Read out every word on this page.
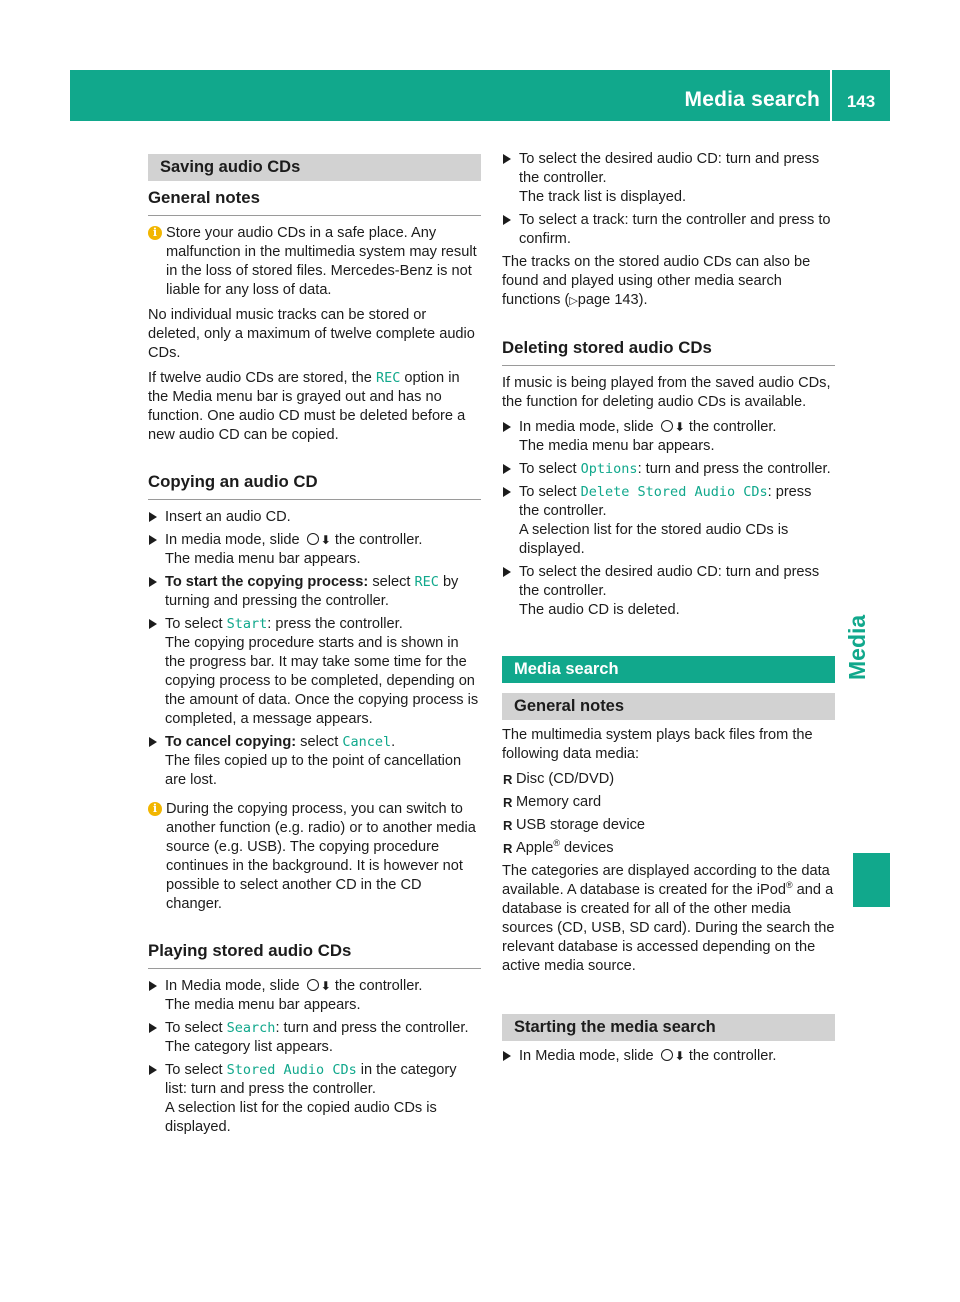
Media search	143
Media
Saving audio CDs
General notes
i Store your audio CDs in a safe place. Any malfunction in the multimedia system may result in the loss of stored files. Mercedes-Benz is not liable for any loss of data.

No individual music tracks can be stored or deleted, only a maximum of twelve complete audio CDs.

If twelve audio CDs are stored, the REC option in the Media menu bar is grayed out and has no function. One audio CD must be deleted before a new audio CD can be copied.

Copying an audio CD
Insert an audio CD.
In media mode, slide ⬇ the controller.
The media menu bar appears.
To start the copying process: select REC by turning and pressing the controller.
To select Start: press the controller.
The copying procedure starts and is shown in the progress bar. It may take some time for the copying process to be completed, depending on the amount of data. Once the copying process is completed, a message appears.
To cancel copying: select Cancel.
The files copied up to the point of cancellation are lost.
i During the copying process, you can switch to another function (e.g. radio) or to another media source (e.g. USB). The copying procedure continues in the background. It is however not possible to select another CD in the CD changer.
Playing stored audio CDs
In Media mode, slide ⬇ the controller.
The media menu bar appears.
To select Search: turn and press the controller.
The category list appears.
To select Stored Audio CDs in the category list: turn and press the controller.
A selection list for the copied audio CDs is displayed.
To select the desired audio CD: turn and press the controller.
The track list is displayed.
To select a track: turn the controller and press to confirm.

The tracks on the stored audio CDs can also be found and played using other media search functions (▷page 143).

Deleting stored audio CDs

If music is being played from the saved audio CDs, the function for deleting audio CDs is available.

In media mode, slide ⬇ the controller.
The media menu bar appears.
To select Options: turn and press the controller.
To select Delete Stored Audio CDs: press the controller.
A selection list for the stored audio CDs is displayed.
To select the desired audio CD: turn and press the controller.
The audio CD is deleted.
Media search
General notes

The multimedia system plays back files from the following data media:

R Disc (CD/DVD)
R Memory card
R USB storage device
R Apple® devices

The categories are displayed according to the data available. A database is created for the iPod® and a database is created for all of the other media sources (CD, USB, SD card). During the search the relevant database is accessed depending on the active media source.

Starting the media search
In Media mode, slide ⬇ the controller.
